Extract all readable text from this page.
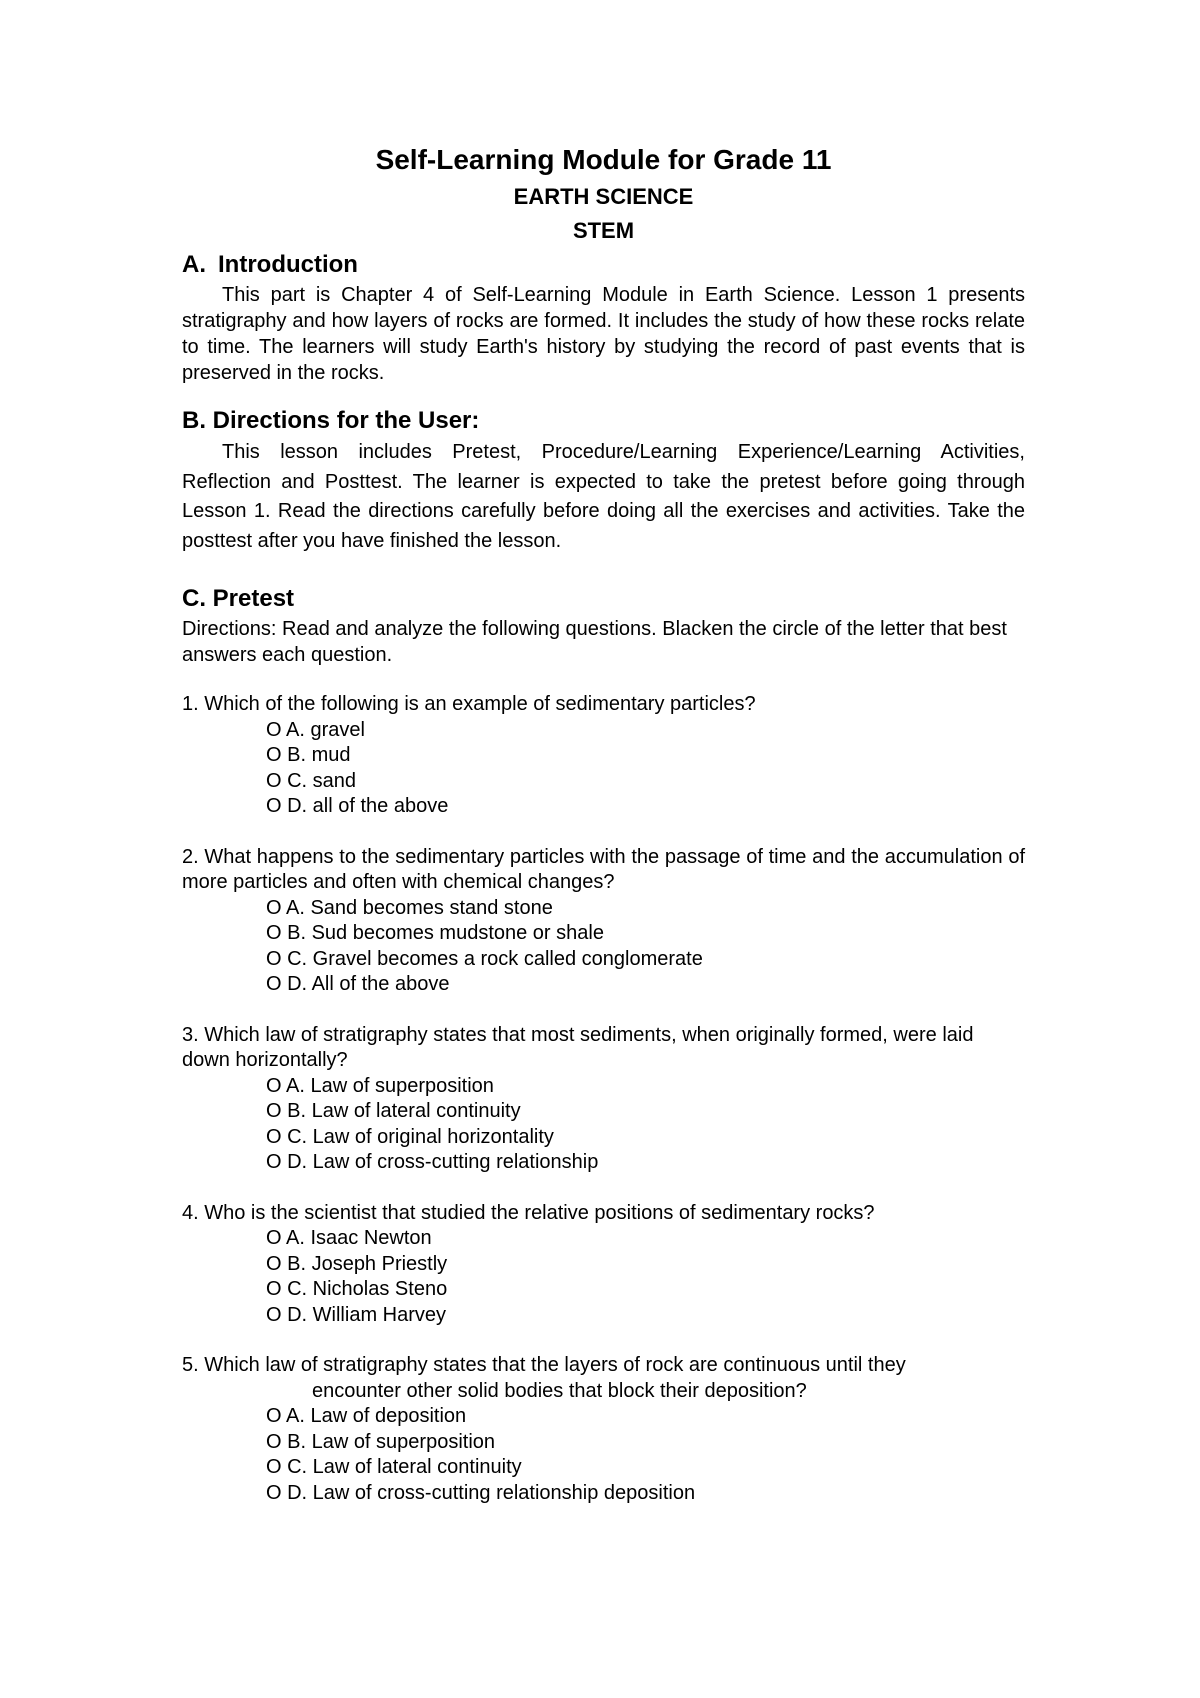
Self-Learning Module for Grade 11

EARTH SCIENCE

STEM

A. Introduction

This part is Chapter 4 of Self-Learning Module in Earth Science. Lesson 1 presents stratigraphy and how layers of rocks are formed. It includes the study of how these rocks relate to time. The learners will study Earth's history by studying the record of past events that is preserved in the rocks.

B. Directions for the User:

This lesson includes Pretest, Procedure/Learning Experience/Learning Activities, Reflection and Posttest. The learner is expected to take the pretest before going through Lesson 1. Read the directions carefully before doing all the exercises and activities. Take the posttest after you have finished the lesson.

C. Pretest

Directions: Read and analyze the following questions. Blacken the circle of the letter that best answers each question.

1. Which of the following is an example of sedimentary particles?

O A. gravel

O B. mud

O C. sand

O D. all of the above

2. What happens to the sedimentary particles with the passage of time and the accumulation of more particles and often with chemical changes?

O A. Sand becomes stand stone

O B. Sud becomes mudstone or shale

O C. Gravel becomes a rock called conglomerate

O D. All of the above

3. Which law of stratigraphy states that most sediments, when originally formed, were laid down horizontally?

O A. Law of superposition

O B. Law of lateral continuity

O C. Law of original horizontality

O D. Law of cross-cutting relationship

4. Who is the scientist that studied the relative positions of sedimentary rocks?

O A. Isaac Newton

O B. Joseph Priestly

O C. Nicholas Steno

O D. William Harvey

5. Which law of stratigraphy states that the layers of rock are continuous until they

encounter other solid bodies that block their deposition?

O A. Law of deposition

O B. Law of superposition

O C. Law of lateral continuity

O D. Law of cross-cutting relationship deposition
